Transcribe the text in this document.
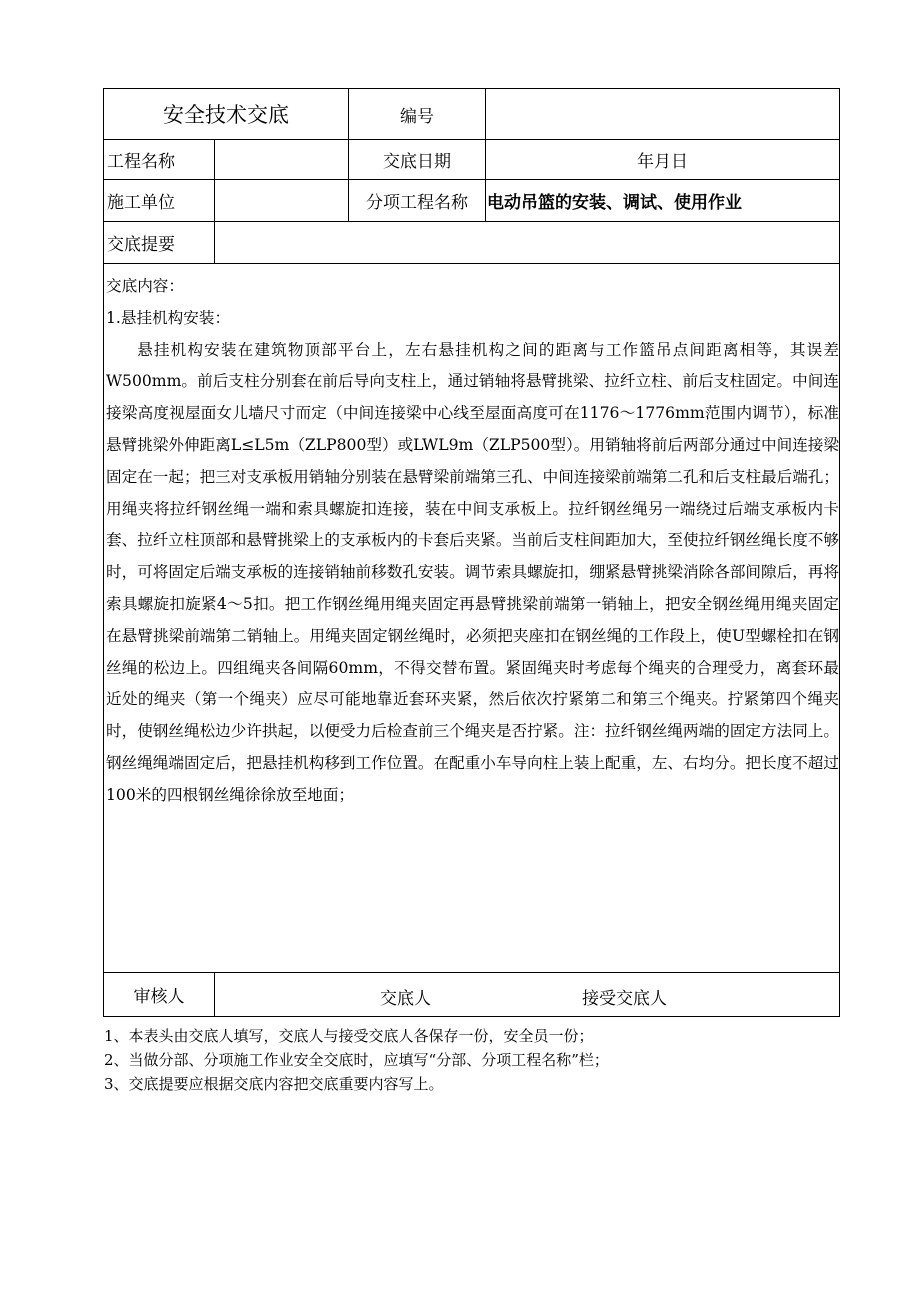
安全技术交底		编号	
工程名称		交底日期	年月日
施工单位		分项工程名称	电动吊篮的安装、调试、使用作业
交底提要			

交底内容：

1.悬挂机构安装：

悬挂机构安装在建筑物顶部平台上，左右悬挂机构之间的距离与工作篮吊点间距离相等，其误差W500mm。前后支柱分别套在前后导向支柱上，通过销轴将悬臂挑梁、拉纤立柱、前后支柱固定。中间连接梁高度视屋面女儿墙尺寸而定（中间连接梁中心线至屋面高度可在1176～1776mm范围内调节），标准悬臂挑梁外伸距离L≤L5m（ZLP800型）或LWL9m（ZLP500型）。用销轴将前后两部分通过中间连接梁固定在一起；把三对支承板用销轴分别装在悬臂梁前端第三孔、中间连接梁前端第二孔和后支柱最后端孔；用绳夹将拉纤钢丝绳一端和索具螺旋扣连接，装在中间支承板上。拉纤钢丝绳另一端绕过后端支承板内卡套、拉纤立柱顶部和悬臂挑梁上的支承板内的卡套后夹紧。当前后支柱间距加大，至使拉纤钢丝绳长度不够时，可将固定后端支承板的连接销轴前移数孔安装。调节索具螺旋扣，绷紧悬臂挑梁消除各部间隙后，再将索具螺旋扣旋紧4～5扣。把工作钢丝绳用绳夹固定再悬臂挑梁前端第一销轴上，把安全钢丝绳用绳夹固定在悬臂挑梁前端第二销轴上。用绳夹固定钢丝绳时，必须把夹座扣在钢丝绳的工作段上，使U型螺栓扣在钢丝绳的松边上。四组绳夹各间隔60mm，不得交替布置。紧固绳夹时考虑每个绳夹的合理受力，离套环最近处的绳夹（第一个绳夹）应尽可能地靠近套环夹紧，然后依次拧紧第二和第三个绳夹。拧紧第四个绳夹时，使钢丝绳松边少许拱起，以便受力后检查前三个绳夹是否拧紧。注：拉纤钢丝绳两端的固定方法同上。钢丝绳绳端固定后，把悬挂机构移到工作位置。在配重小车导向柱上装上配重，左、右均分。把长度不超过100米的四根钢丝绳徐徐放至地面；			

审核人	交底人 接受交底人		
1、本表头由交底人填写，交底人与接受交底人各保存一份，安全员一份；
2、当做分部、分项施工作业安全交底时，应填写“分部、分项工程名称”栏；
3、交底提要应根据交底内容把交底重要内容写上。
